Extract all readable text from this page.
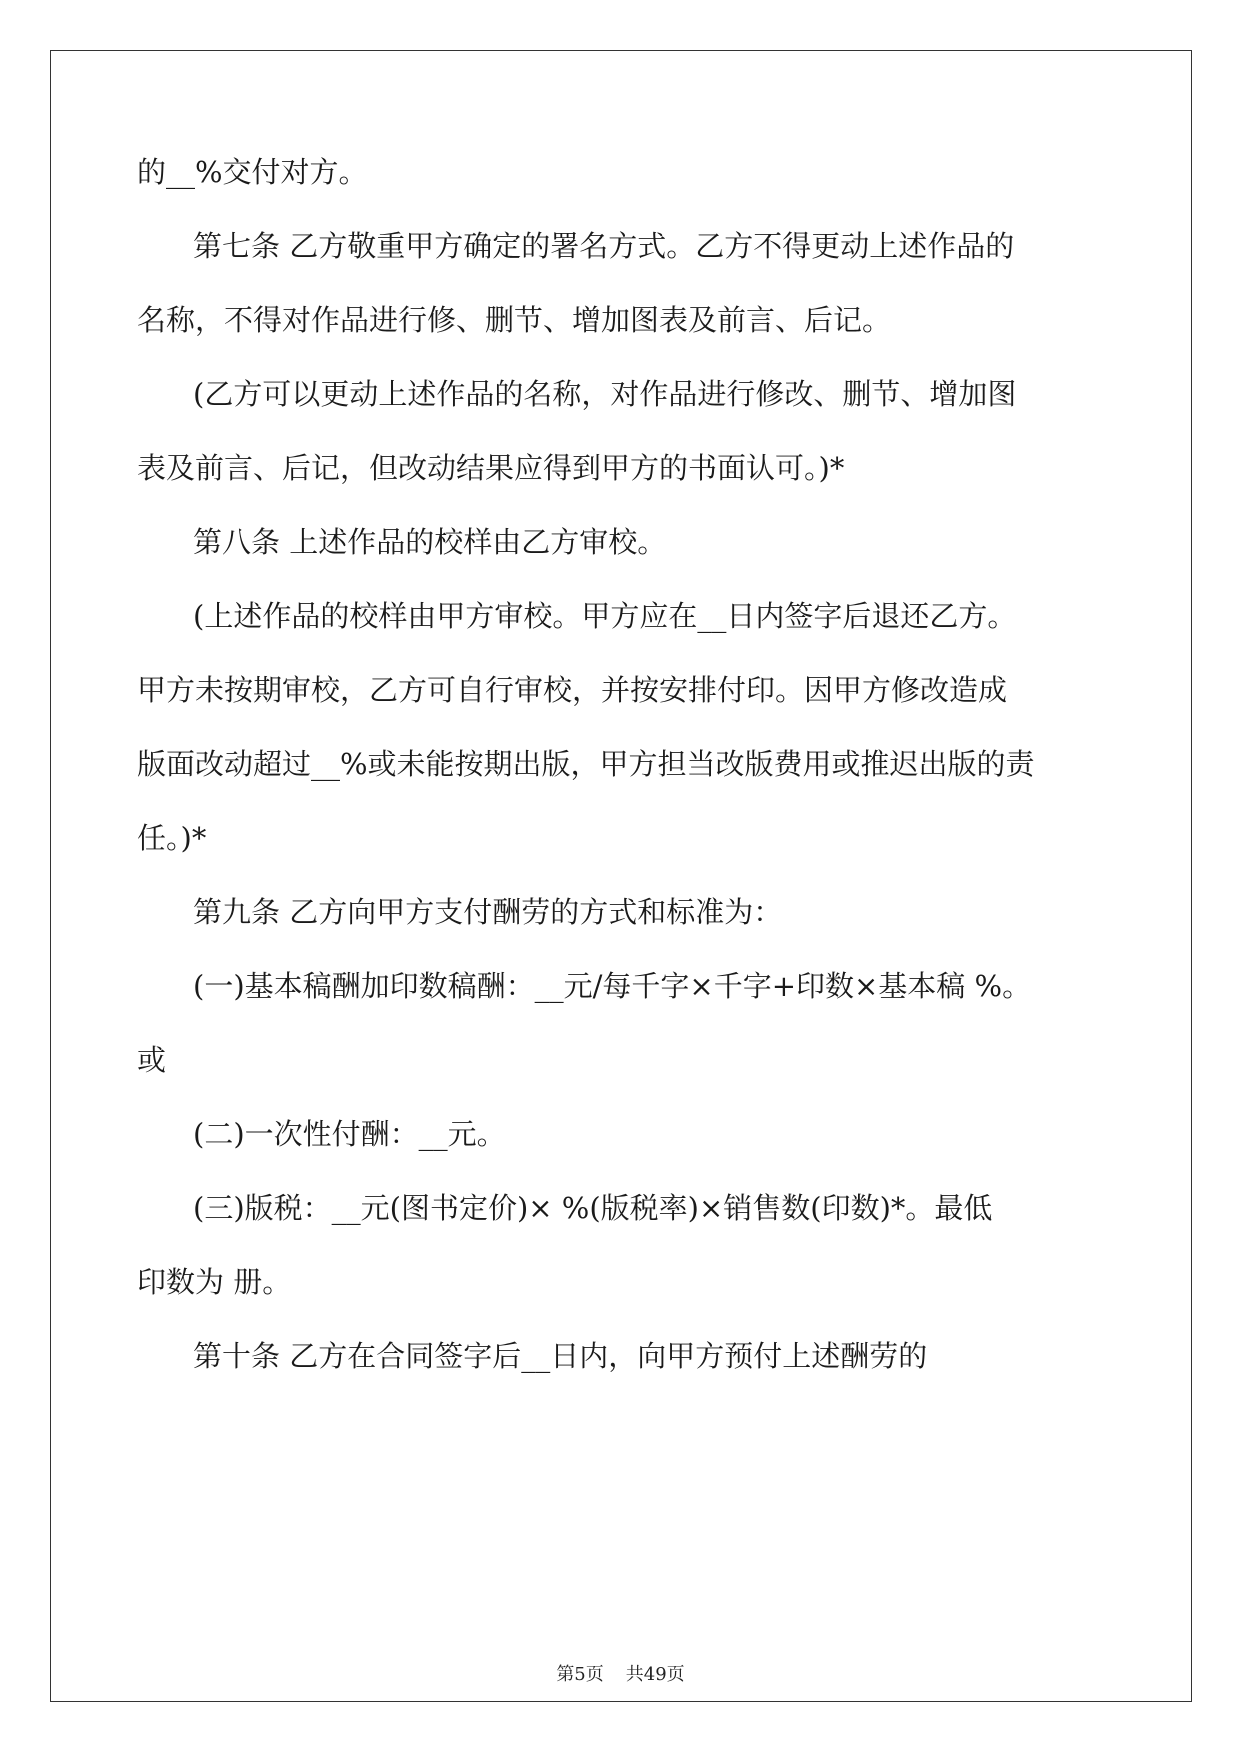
的__%交付对方。

第七条 乙方敬重甲方确定的署名方式。乙方不得更动上述作品的

名称，不得对作品进行修、删节、增加图表及前言、后记。

(乙方可以更动上述作品的名称，对作品进行修改、删节、增加图

表及前言、后记，但改动结果应得到甲方的书面认可。)*

第八条 上述作品的校样由乙方审校。

(上述作品的校样由甲方审校。甲方应在__日内签字后退还乙方。

甲方未按期审校，乙方可自行审校，并按安排付印。因甲方修改造成

版面改动超过__%或未能按期出版，甲方担当改版费用或推迟出版的责

任。)*

第九条 乙方向甲方支付酬劳的方式和标准为：

(一)基本稿酬加印数稿酬：__元/每千字×千字+印数×基本稿 %。

或

(二)一次性付酬：__元。

(三)版税：__元(图书定价)× %(版税率)×销售数(印数)*。最低

印数为 册。

第十条 乙方在合同签字后__日内，向甲方预付上述酬劳的

第5页 共49页
